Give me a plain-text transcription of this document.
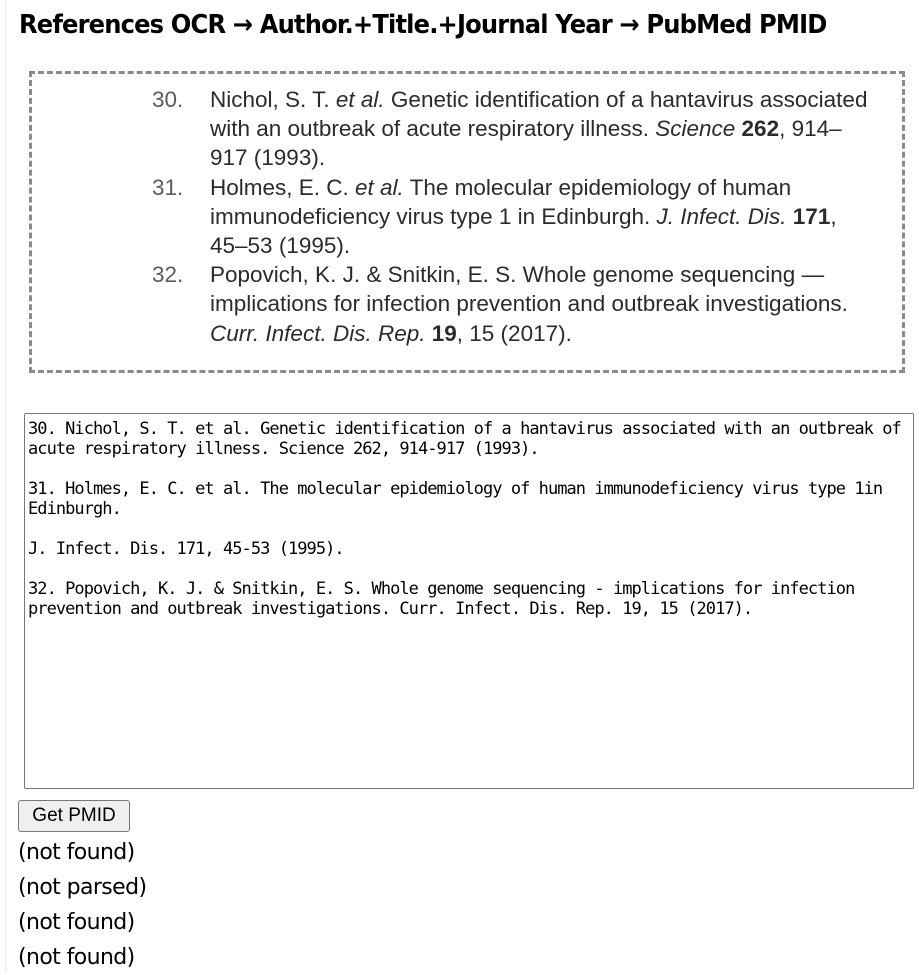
References OCR → Author.+Title.+Journal Year → PubMed PMID
30.	Nichol, S. T. et al. Genetic identification of a hantavirus associated with an outbreak of acute respiratory illness. Science 262, 914–917 (1993).
31.	Holmes, E. C. et al. The molecular epidemiology of human immunodeficiency virus type 1 in Edinburgh. J. Infect. Dis. 171, 45–53 (1995).
32.	Popovich, K. J. & Snitkin, E. S. Whole genome sequencing — implications for infection prevention and outbreak investigations. Curr. Infect. Dis. Rep. 19, 15 (2017).
30. Nichol, S. T. et al. Genetic identification of a hantavirus associated with an outbreak of acute respiratory illness. Science 262, 914-917 (1993). 31. Holmes, E. C. et al. The molecular epidemiology of human immunodeficiency virus type 1in Edinburgh. J. Infect. Dis. 171, 45-53 (1995). 32. Popovich, K. J. & Snitkin, E. S. Whole genome sequencing - implications for infection prevention and outbreak investigations. Curr. Infect. Dis. Rep. 19, 15 (2017).
Get PMID
(not found)
(not parsed)
(not found)
(not found)
